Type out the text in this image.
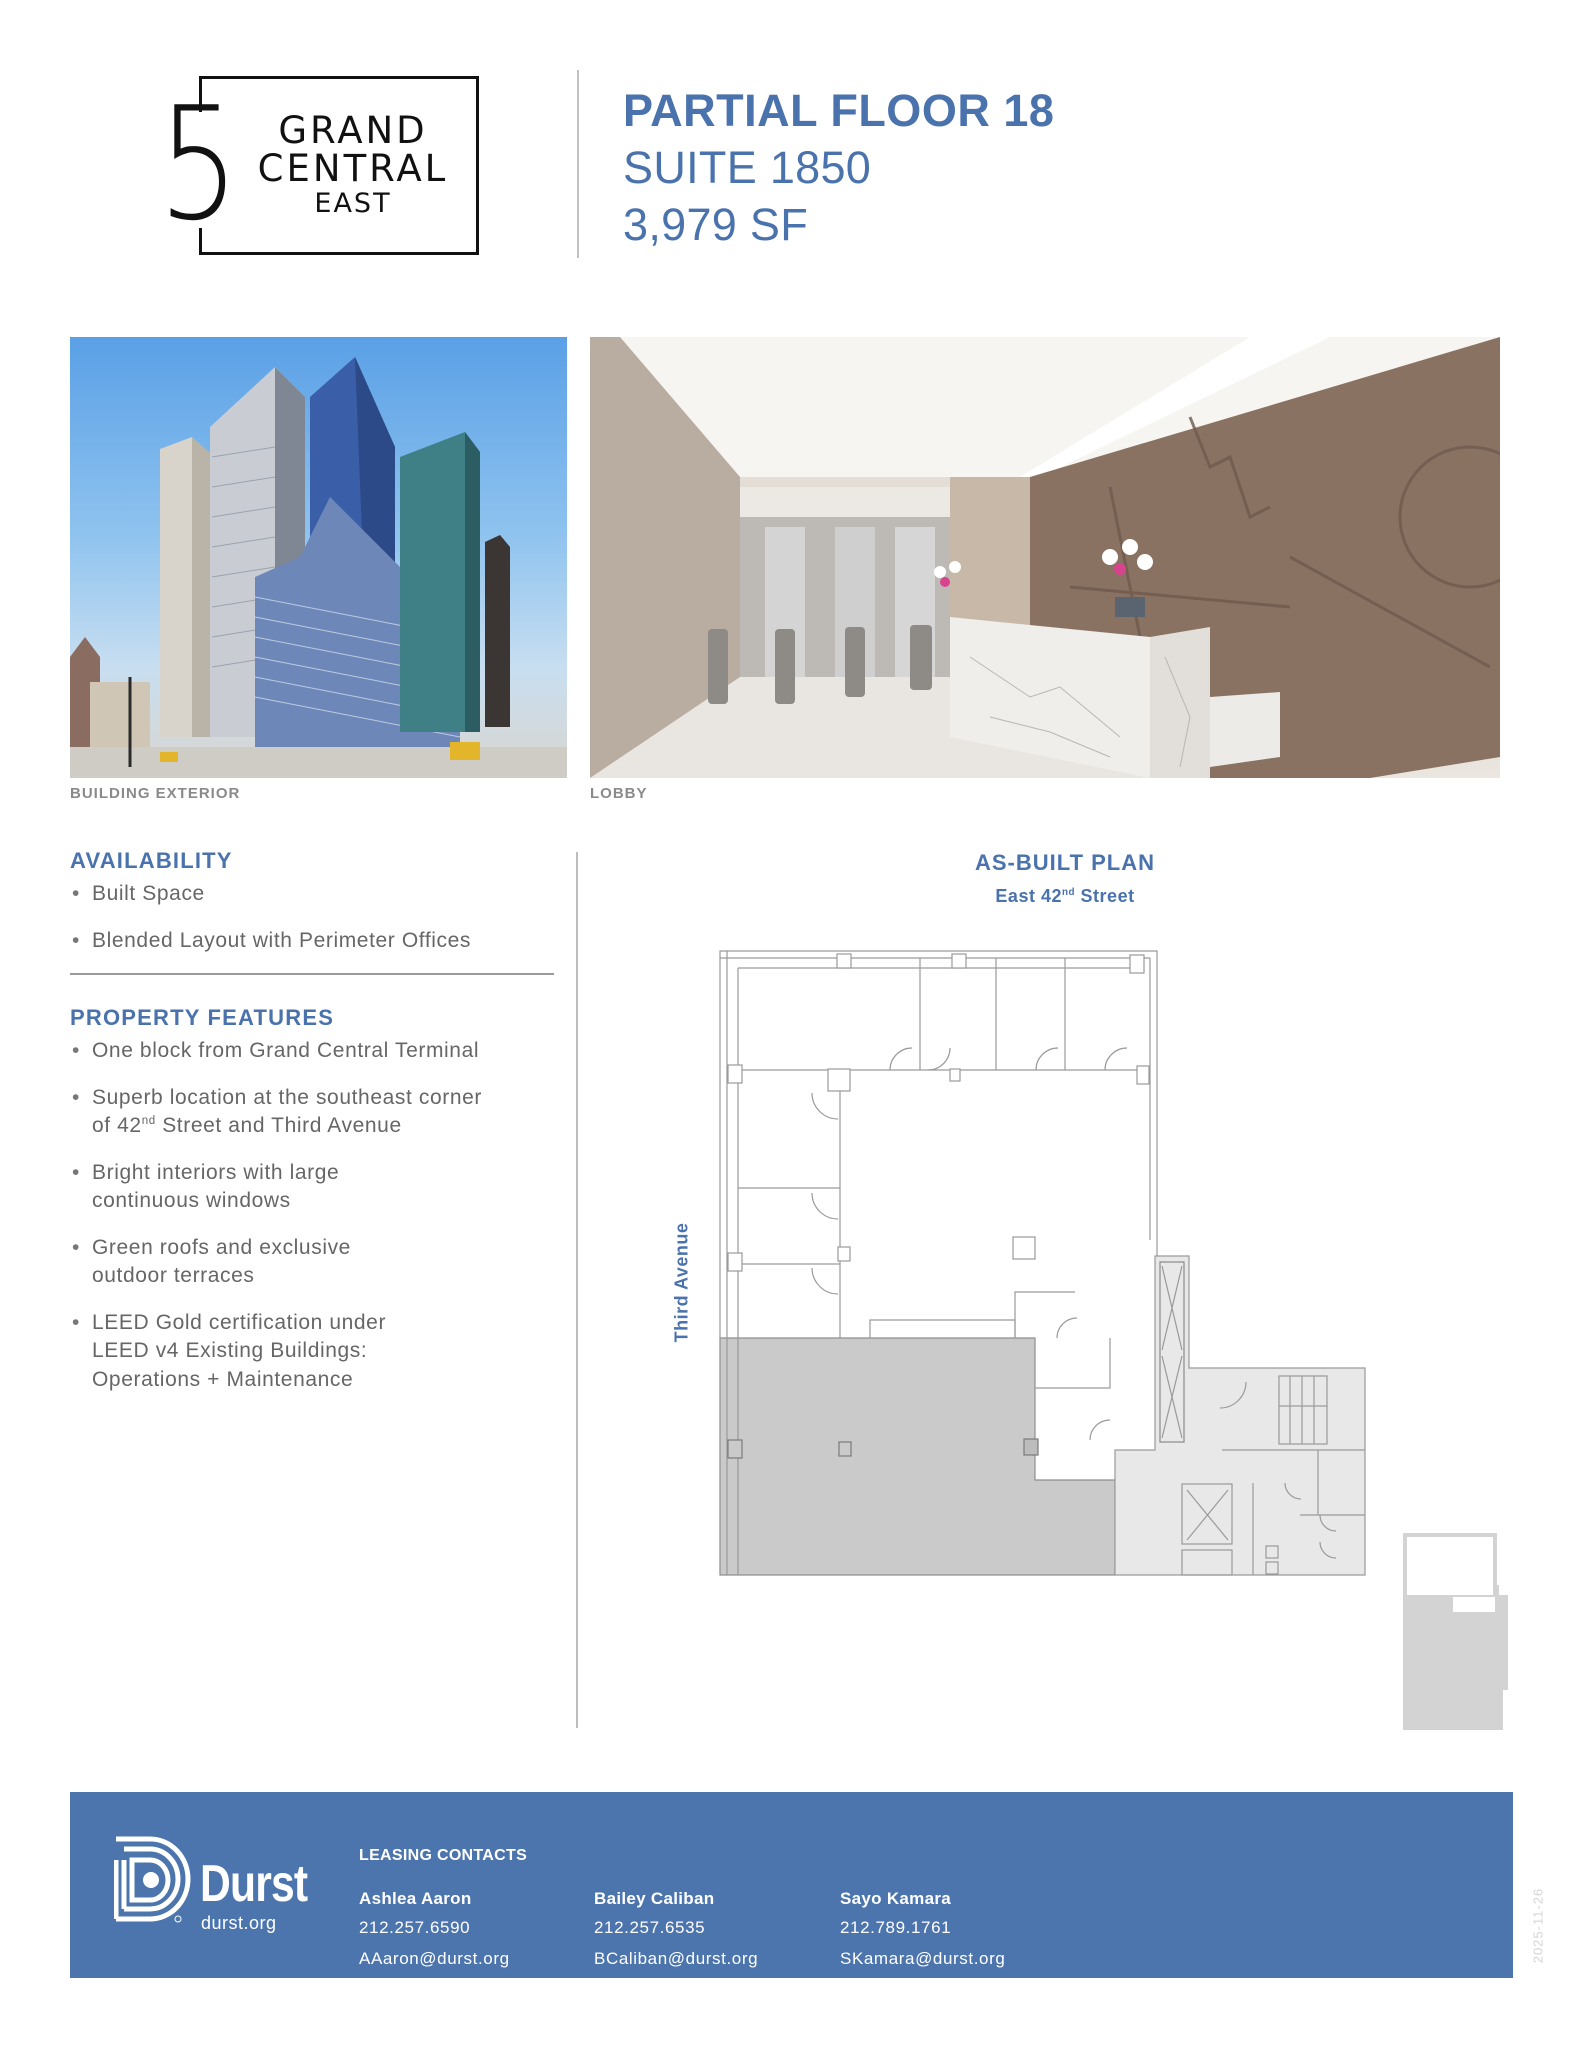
5	GRAND
CENTRAL
EAST
PARTIAL FLOOR 18
SUITE 1850
3,979 SF
BUILDING EXTERIOR	LOBBY
AVAILABILITY
• Built Space
• Blended Layout with Perimeter Offices
PROPERTY FEATURES
• One block from Grand Central Terminal
• Superb location at the southeast corner
of 42nd Street and Third Avenue
• Bright interiors with large
continuous windows
• Green roofs and exclusive
outdoor terraces
• LEED Gold certification under
LEED v4 Existing Buildings:
Operations + Maintenance
AS-BUILT PLAN
East 42nd Street
Third Avenue
Durst
durst.org
LEASING CONTACTS
Ashlea Aaron
212.257.6590
AAaron@durst.org
Bailey Caliban
212.257.6535
BCaliban@durst.org
Sayo Kamara
212.789.1761
SKamara@durst.org	2025-11-26
